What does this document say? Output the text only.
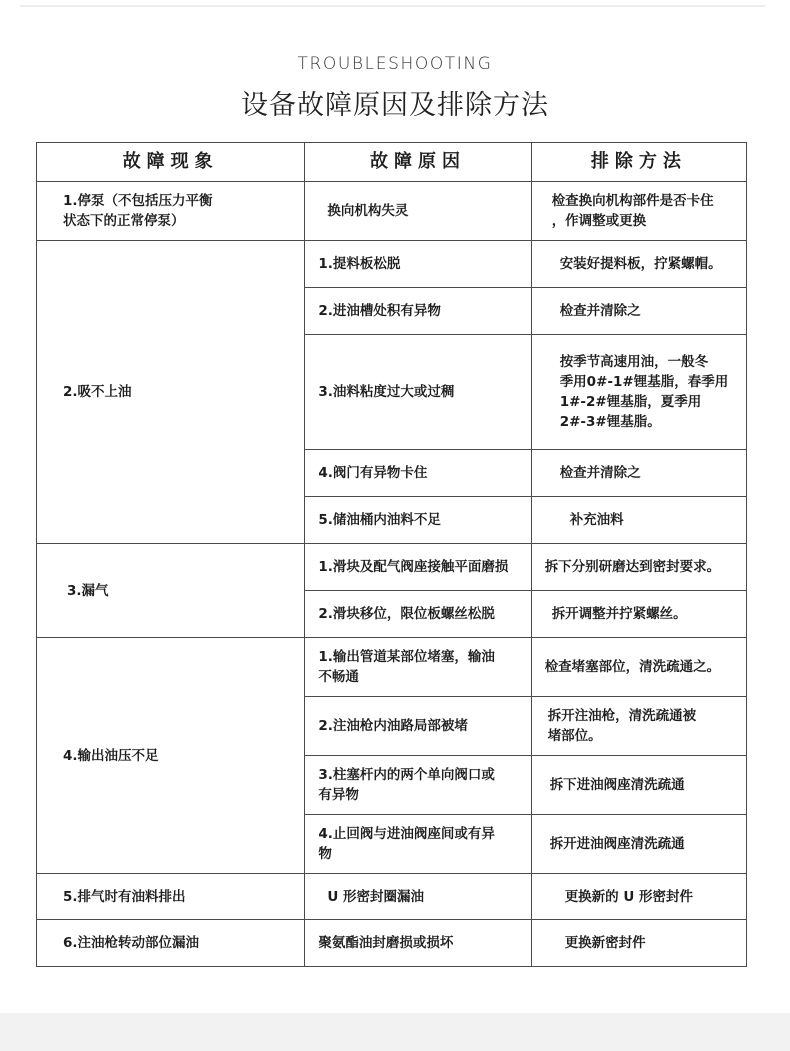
TROUBLESHOOTING
设备故障原因及排除方法
故障现象	故障原因	排除方法
1.停泵（不包括压力平衡
状态下的正常停泵）	换向机构失灵	检查换向机构部件是否卡住
，作调整或更换
2.吸不上油	1.提料板松脱	安装好提料板，拧紧螺帽。
	2.进油槽处积有异物	检查并清除之
	3.油料粘度过大或过稠	按季节高速用油，一般冬
季用0#-1#锂基脂，春季用
1#-2#锂基脂，夏季用
2#-3#锂基脂。
	4.阀门有异物卡住	检查并清除之
	5.储油桶内油料不足	补充油料
3.漏气	1.滑块及配气阀座接触平面磨损	拆下分别研磨达到密封要求。
	2.滑块移位，限位板螺丝松脱	拆开调整并拧紧螺丝。
4.输出油压不足	1.输出管道某部位堵塞，输油
不畅通	检查堵塞部位，清洗疏通之。
	2.注油枪内油路局部被堵	拆开注油枪，清洗疏通被
堵部位。
	3.柱塞杆内的两个单向阀口或
有异物	拆下进油阀座清洗疏通
	4.止回阀与进油阀座间或有异
物	拆开进油阀座清洗疏通
5.排气时有油料排出	U 形密封圈漏油	更换新的 U 形密封件
6.注油枪转动部位漏油	聚氨酯油封磨损或损坏	更换新密封件
